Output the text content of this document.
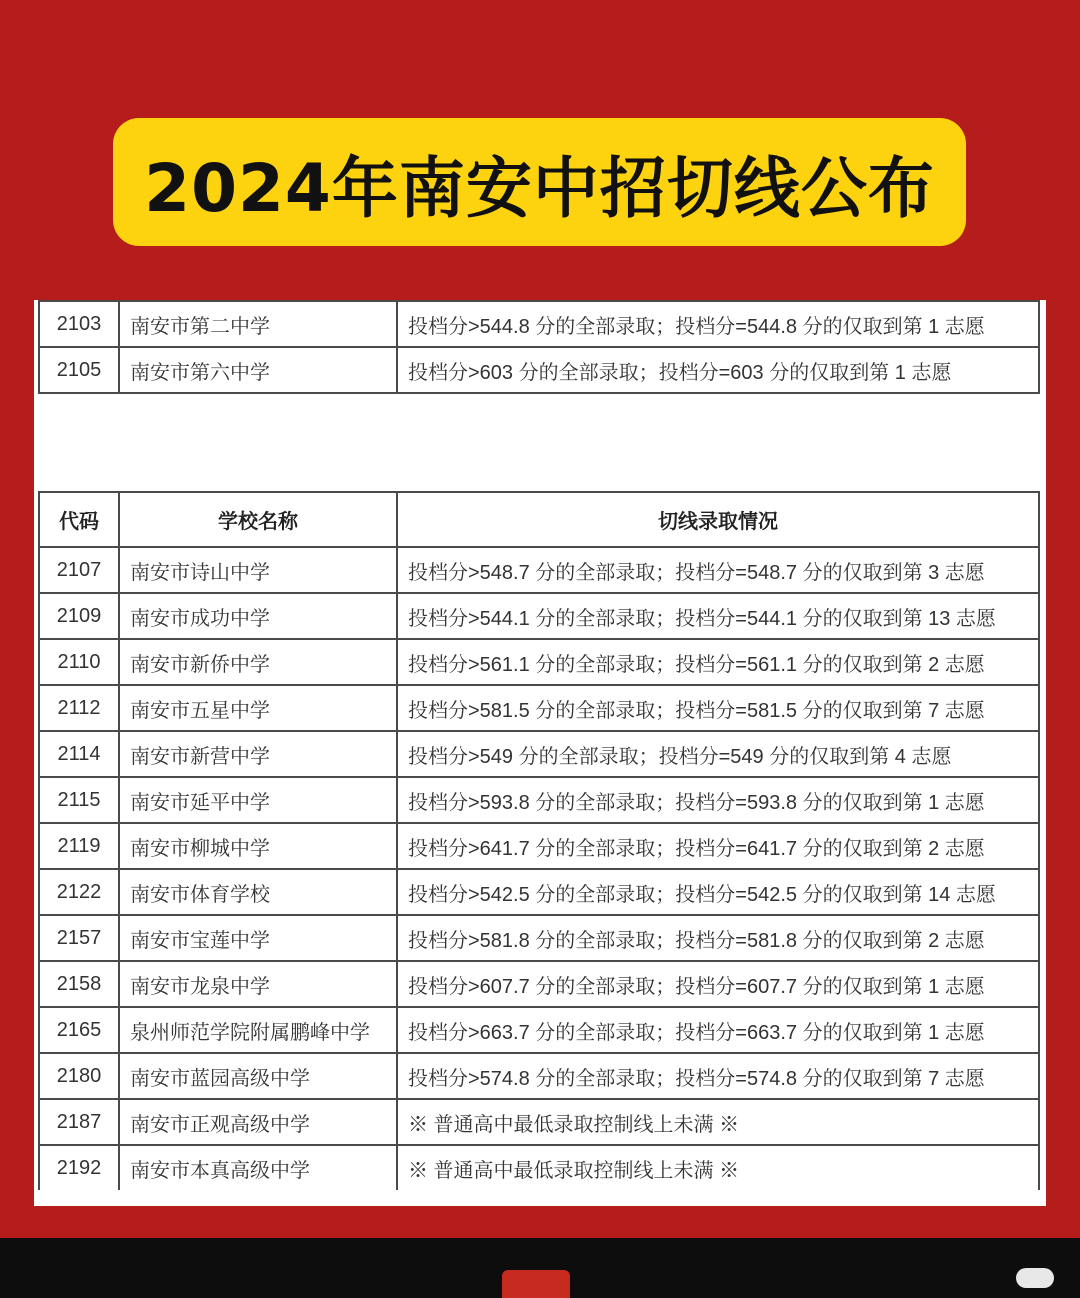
2024年南安中招切线公布
2103	南安市第二中学	投档分>544.8 分的全部录取；投档分=544.8 分的仅取到第 1 志愿
2105	南安市第六中学	投档分>603 分的全部录取；投档分=603 分的仅取到第 1 志愿
代码	学校名称	切线录取情况
2107	南安市诗山中学	投档分>548.7 分的全部录取；投档分=548.7 分的仅取到第 3 志愿
2109	南安市成功中学	投档分>544.1 分的全部录取；投档分=544.1 分的仅取到第 13 志愿
2110	南安市新侨中学	投档分>561.1 分的全部录取；投档分=561.1 分的仅取到第 2 志愿
2112	南安市五星中学	投档分>581.5 分的全部录取；投档分=581.5 分的仅取到第 7 志愿
2114	南安市新营中学	投档分>549 分的全部录取；投档分=549 分的仅取到第 4 志愿
2115	南安市延平中学	投档分>593.8 分的全部录取；投档分=593.8 分的仅取到第 1 志愿
2119	南安市柳城中学	投档分>641.7 分的全部录取；投档分=641.7 分的仅取到第 2 志愿
2122	南安市体育学校	投档分>542.5 分的全部录取；投档分=542.5 分的仅取到第 14 志愿
2157	南安市宝莲中学	投档分>581.8 分的全部录取；投档分=581.8 分的仅取到第 2 志愿
2158	南安市龙泉中学	投档分>607.7 分的全部录取；投档分=607.7 分的仅取到第 1 志愿
2165	泉州师范学院附属鹏峰中学	投档分>663.7 分的全部录取；投档分=663.7 分的仅取到第 1 志愿
2180	南安市蓝园高级中学	投档分>574.8 分的全部录取；投档分=574.8 分的仅取到第 7 志愿
2187	南安市正观高级中学	※ 普通高中最低录取控制线上未满 ※
2192	南安市本真高级中学	※ 普通高中最低录取控制线上未满 ※
